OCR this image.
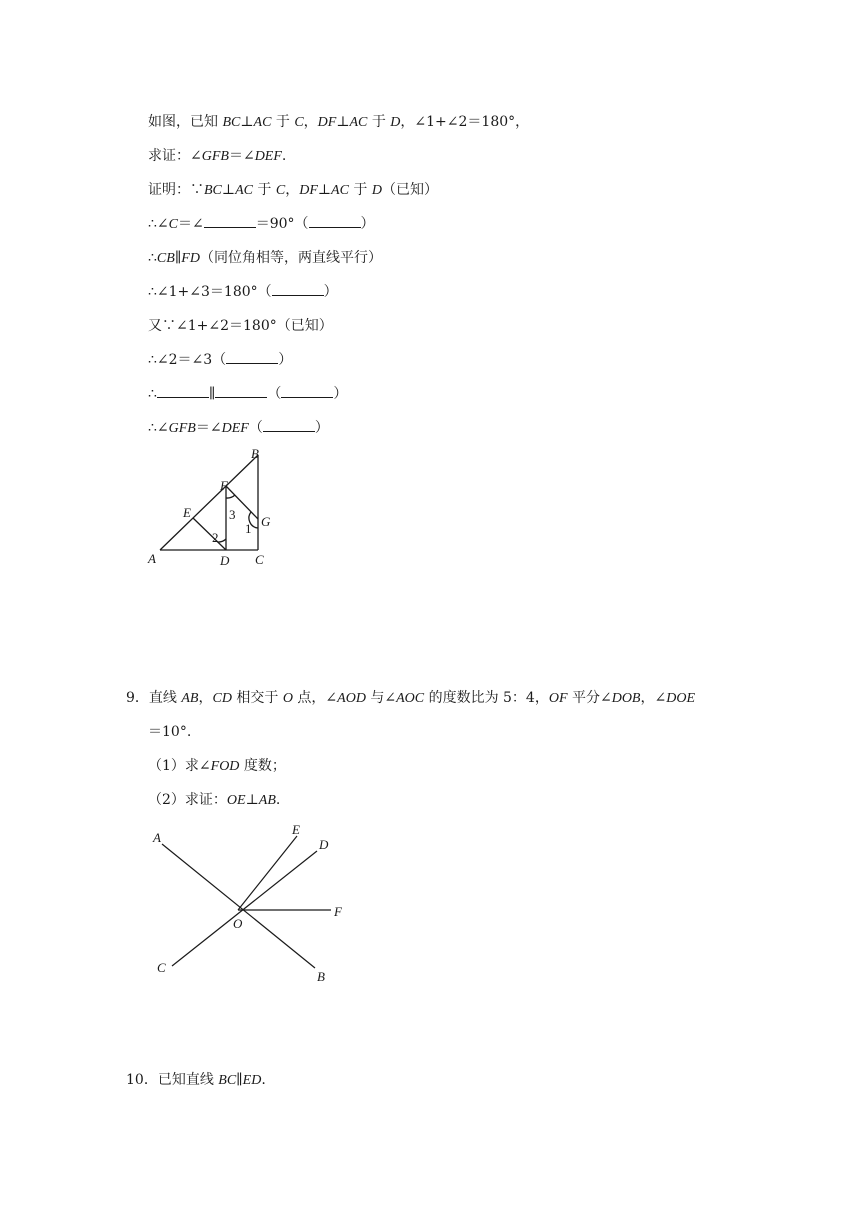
如图，已知 BC⊥AC 于 C，DF⊥AC 于 D，∠1+∠2＝180°，
求证：∠GFB＝∠DEF.
证明：∵BC⊥AC 于 C，DF⊥AC 于 D（已知）
∴∠C＝∠	＝90°（	）
∴CB∥FD（同位角相等，两直线平行）
∴∠1+∠3＝180°（	）
又∵∠1+∠2＝180°（已知）
∴∠2＝∠3（	）
∴	∥	（	）
∴∠GFB＝∠DEF（	）
A
B
C
D
E
F
G
1
2
3
9．直线 AB，CD 相交于 O 点，∠AOD 与∠AOC 的度数比为 5：4，OF 平分∠DOB，∠DOE
＝10°.
（1）求∠FOD 度数；
（2）求证：OE⊥AB.
A
B
C
D
E
F
O
10．已知直线 BC∥ED.
